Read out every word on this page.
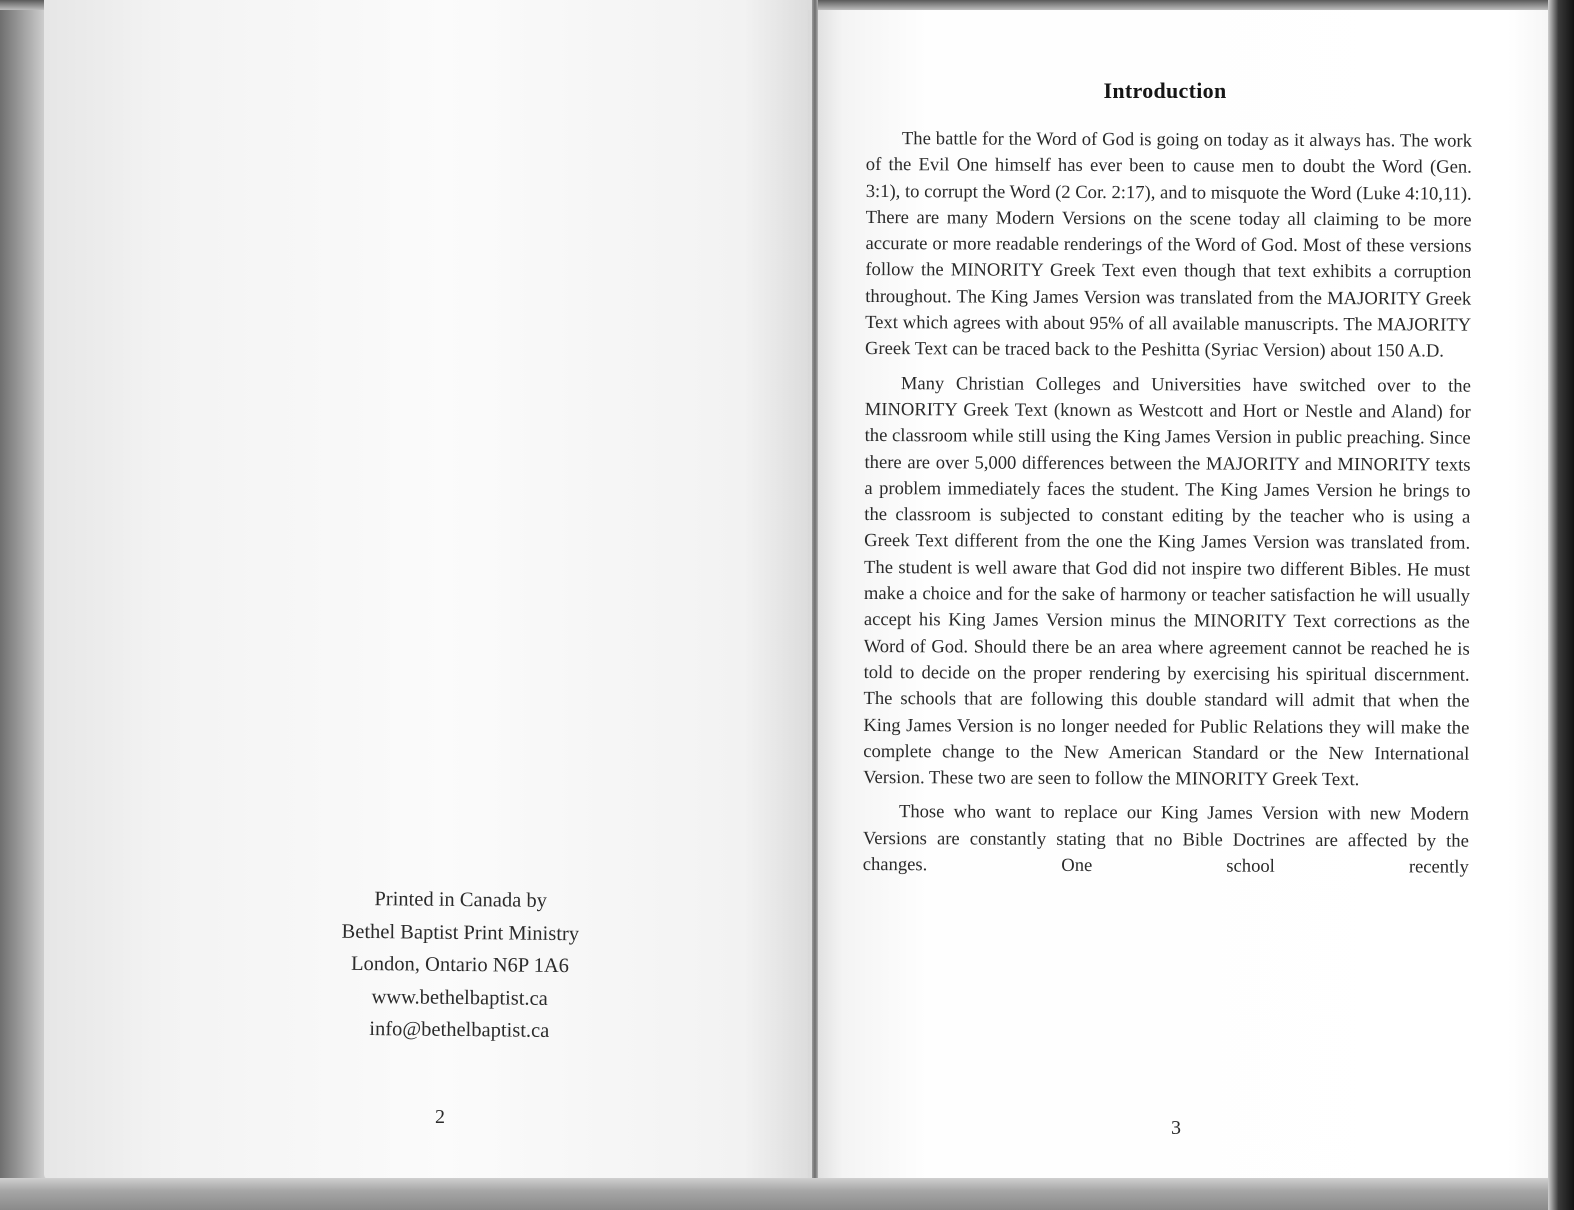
Printed in Canada by
Bethel Baptist Print Ministry
London, Ontario N6P 1A6
www.bethelbaptist.ca
info@bethelbaptist.ca
2
Introduction

The battle for the Word of God is going on today as it always has. The work of the Evil One himself has ever been to cause men to doubt the Word (Gen. 3:1), to corrupt the Word (2 Cor. 2:17), and to misquote the Word (Luke 4:10,11). There are many Modern Versions on the scene today all claiming to be more accurate or more readable renderings of the Word of God. Most of these versions follow the MINORITY Greek Text even though that text exhibits a corruption throughout. The King James Version was translated from the MAJORITY Greek Text which agrees with about 95% of all available manuscripts. The MAJORITY Greek Text can be traced back to the Peshitta (Syriac Version) about 150 A.D.

Many Christian Colleges and Universities have switched over to the MINORITY Greek Text (known as Westcott and Hort or Nestle and Aland) for the classroom while still using the King James Version in public preaching. Since there are over 5,000 differences between the MAJORITY and MINORITY texts a problem immediately faces the student. The King James Version he brings to the classroom is subjected to constant editing by the teacher who is using a Greek Text different from the one the King James Version was translated from. The student is well aware that God did not inspire two different Bibles. He must make a choice and for the sake of harmony or teacher satisfaction he will usually accept his King James Version minus the MINORITY Text corrections as the Word of God. Should there be an area where agreement cannot be reached he is told to decide on the proper rendering by exercising his spiritual discernment. The schools that are following this double standard will admit that when the King James Version is no longer needed for Public Relations they will make the complete change to the New American Standard or the New International Version. These two are seen to follow the MINORITY Greek Text.

Those who want to replace our King James Version with new Modern Versions are constantly stating that no Bible Doctrines are affected by the changes. One school recently

3
